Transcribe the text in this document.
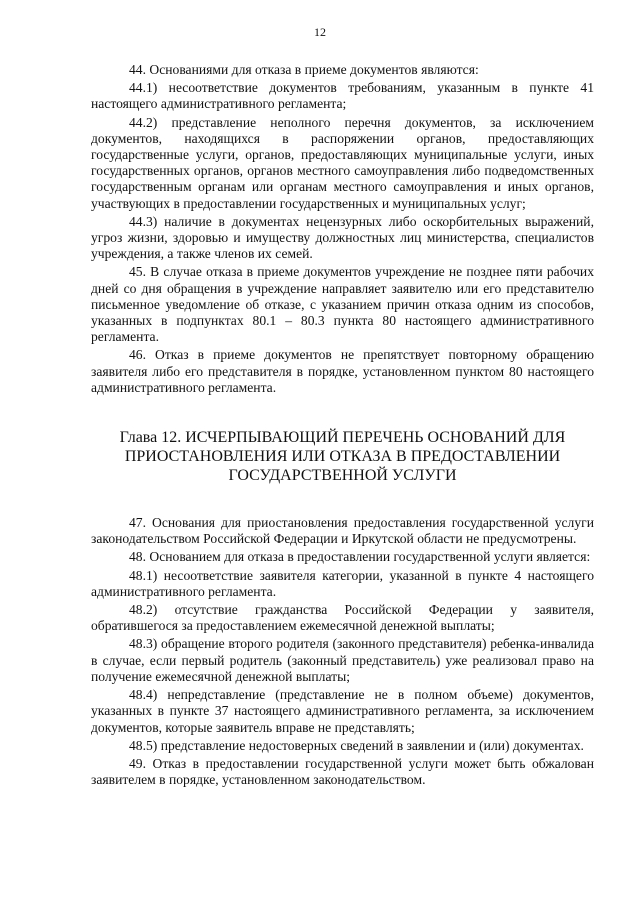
12

44. Основаниями для отказа в приеме документов являются:

44.1) несоответствие документов требованиям, указанным в пункте 41 настоящего административного регламента;

44.2) представление неполного перечня документов, за исключением документов, находящихся в распоряжении органов, предоставляющих государственные услуги, органов, предоставляющих муниципальные услуги, иных государственных органов, органов местного самоуправления либо подведомственных государственным органам или органам местного самоуправления и иных органов, участвующих в предоставлении государственных и муниципальных услуг;

44.3) наличие в документах нецензурных либо оскорбительных выражений, угроз жизни, здоровью и имуществу должностных лиц министерства, специалистов учреждения, а также членов их семей.

45. В случае отказа в приеме документов учреждение не позднее пяти рабочих дней со дня обращения в учреждение направляет заявителю или его представителю письменное уведомление об отказе, с указанием причин отказа одним из способов, указанных в подпунктах 80.1 – 80.3 пункта 80 настоящего административного регламента.

46. Отказ в приеме документов не препятствует повторному обращению заявителя либо его представителя в порядке, установленном пунктом 80 настоящего административного регламента.

Глава 12. ИСЧЕРПЫВАЮЩИЙ ПЕРЕЧЕНЬ ОСНОВАНИЙ ДЛЯ
ПРИОСТАНОВЛЕНИЯ ИЛИ ОТКАЗА В ПРЕДОСТАВЛЕНИИ
ГОСУДАРСТВЕННОЙ УСЛУГИ

47. Основания для приостановления предоставления государственной услуги законодательством Российской Федерации и Иркутской области не предусмотрены.

48. Основанием для отказа в предоставлении государственной услуги является:

48.1) несоответствие заявителя категории, указанной в пункте 4 настоящего административного регламента.

48.2) отсутствие гражданства Российской Федерации у заявителя, обратившегося за предоставлением ежемесячной денежной выплаты;

48.3) обращение второго родителя (законного представителя) ребенка-инвалида в случае, если первый родитель (законный представитель) уже реализовал право на получение ежемесячной денежной выплаты;

48.4) непредставление (представление не в полном объеме) документов, указанных в пункте 37 настоящего административного регламента, за исключением документов, которые заявитель вправе не представлять;

48.5) представление недостоверных сведений в заявлении и (или) документах.

49. Отказ в предоставлении государственной услуги может быть обжалован заявителем в порядке, установленном законодательством.
